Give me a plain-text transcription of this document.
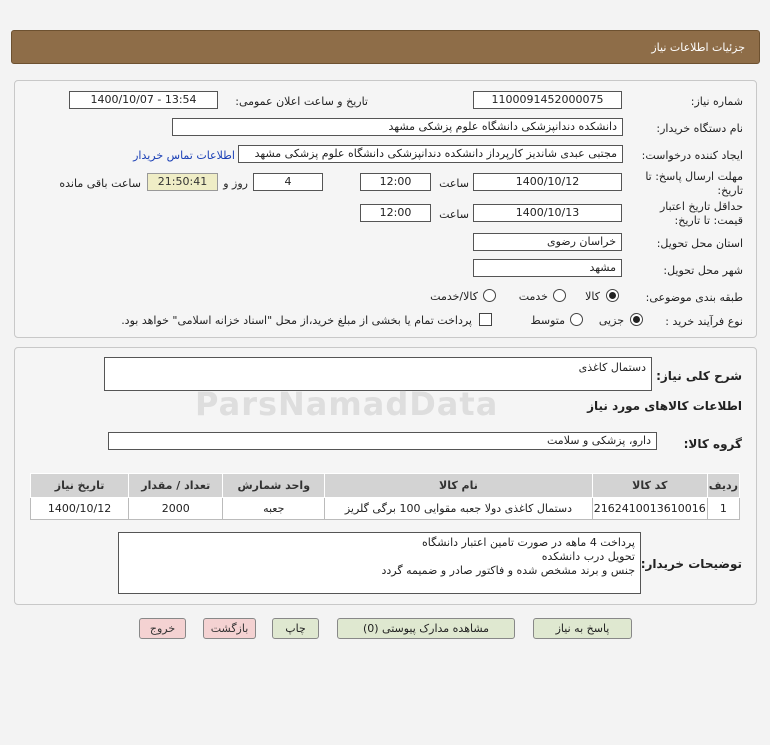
جزئیات اطلاعات نیاز
شماره نیاز:
1100091452000075
تاریخ و ساعت اعلان عمومی:
1400/10/07 - 13:54
نام دستگاه خریدار:
دانشکده دندانپزشکی دانشگاه علوم پزشکی مشهد
ایجاد کننده درخواست:
مجتبی عبدی شاندیز کارپرداز دانشکده دندانپزشکی دانشگاه علوم پزشکی مشهد
اطلاعات تماس خریدار
مهلت ارسال پاسخ: تا
تاریخ:
1400/10/12
ساعت
12:00
4
روز و
21:50:41
ساعت باقی مانده
حداقل تاریخ اعتبار
قیمت: تا تاریخ:
1400/10/13
ساعت
12:00
استان محل تحویل:
خراسان رضوی
شهر محل تحویل:
مشهد
طبقه بندی موضوعی:
کالا
خدمت
کالا/خدمت
نوع فرآیند خرید :
جزیی
متوسط
پرداخت تمام یا بخشی از مبلغ خرید،از محل "اسناد خزانه اسلامی" خواهد بود.
شرح کلی نیاز:
دستمال کاغذی
ParsNamadData	اطلاعات کالاهای مورد نیاز
گروه کالا:
دارو، پزشکی و سلامت
ردیف	کد کالا	نام کالا	واحد شمارش	تعداد / مقدار	تاریخ نیاز
1	2162410013610016	دستمال کاغذی دولا جعبه مقوایی 100 برگی گلریز	جعبه	2000	1400/10/12
توضیحات خریدار:
پرداخت 4 ماهه در صورت تامین اعتبار دانشگاه
تحویل درب دانشکده
جنس و برند مشخص شده و فاکتور صادر و ضمیمه گردد
پاسخ به نیاز
مشاهده مدارک پیوستی (0)
چاپ
بازگشت
خروج
